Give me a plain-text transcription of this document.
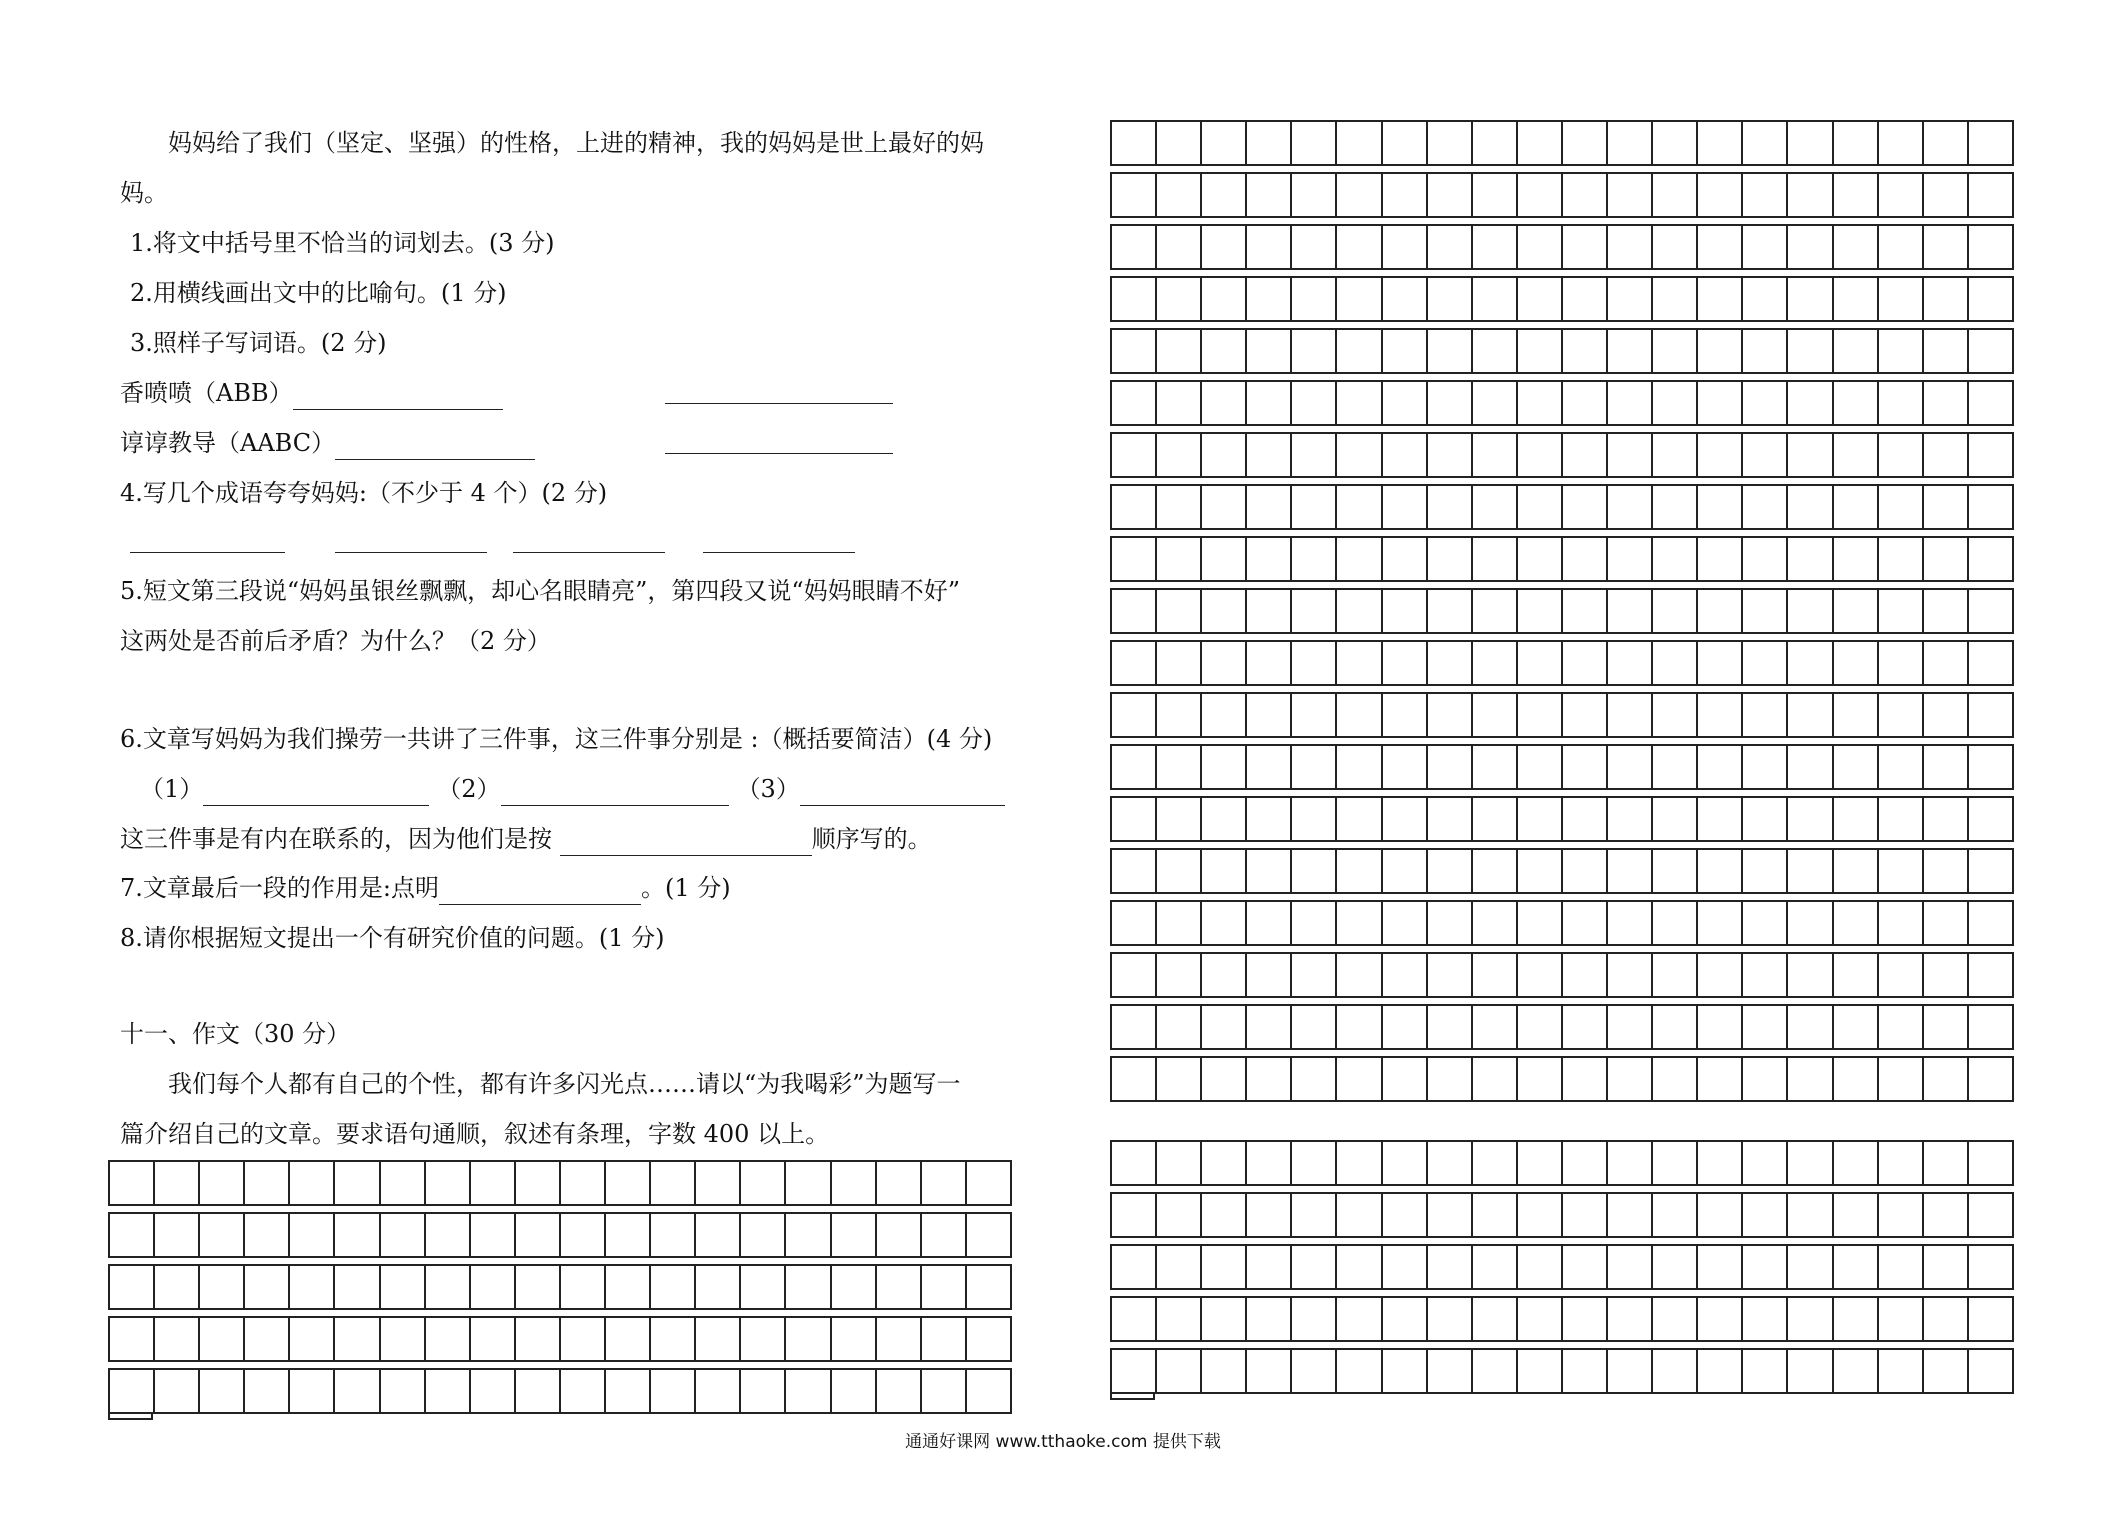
妈妈给了我们（坚定、坚强）的性格，上进的精神，我的妈妈是世上最好的妈
妈。
1.将文中括号里不恰当的词划去。(3 分)
2.用横线画出文中的比喻句。(1 分)
3.照样子写词语。(2 分)
香喷喷（ABB）
谆谆教导（AABC）
4.写几个成语夸夸妈妈:（不少于 4 个）(2 分)
5.短文第三段说“妈妈虽银丝飘飘，却心名眼睛亮”，第四段又说“妈妈眼睛不好”
这两处是否前后矛盾？为什么？（2 分）
6.文章写妈妈为我们操劳一共讲了三件事，这三件事分别是 :（概括要简洁）(4 分)
（1）	（2）	（3）
这三件事是有内在联系的，因为他们是按	顺序写的。
7.文章最后一段的作用是:点明	。(1 分)
8.请你根据短文提出一个有研究价值的问题。(1 分)
十一、作文（30 分）
我们每个人都有自己的个性，都有许多闪光点……请以“为我喝彩”为题写一
篇介绍自己的文章。要求语句通顺，叙述有条理，字数 400 以上。
通通好课网 www.tthaoke.com 提供下载
